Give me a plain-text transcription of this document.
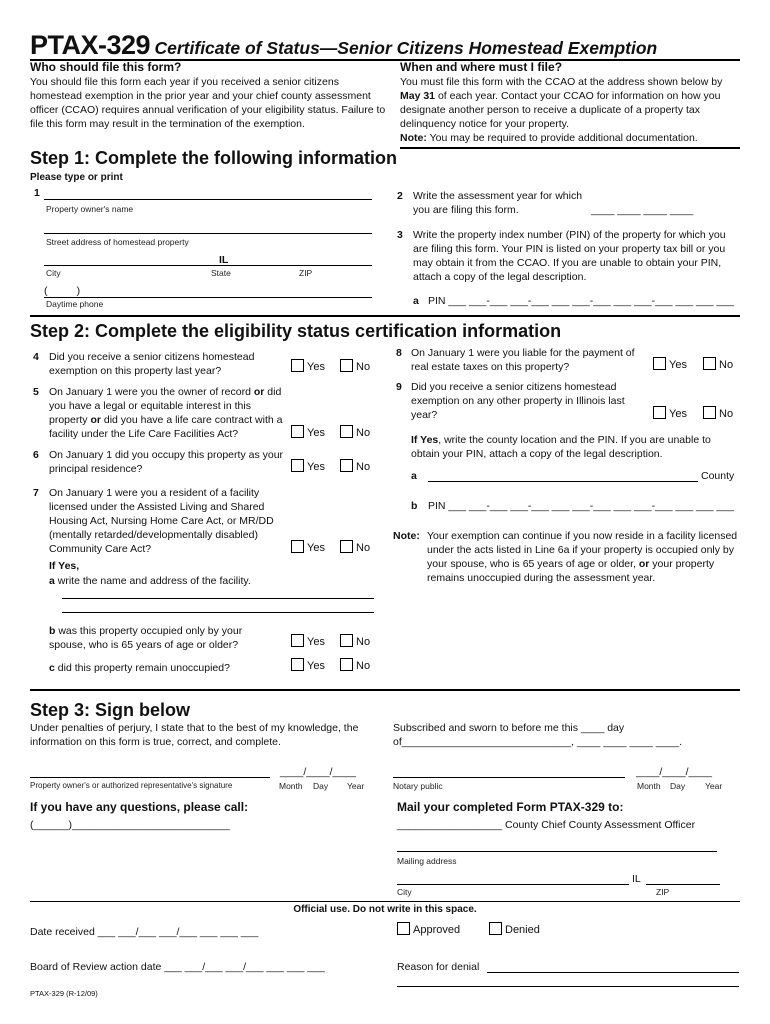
PTAX-329 Certificate of Status—Senior Citizens Homestead Exemption
Who should file this form?
You should file this form each year if you received a senior citizens homestead exemption in the prior year and your chief county assessment officer (CCAO) requires annual verification of your eligibility status. Failure to file this form may result in the termination of the exemption.
When and where must I file?
You must file this form with the CCAO at the address shown below by May 31 of each year. Contact your CCAO for information on how you designate another person to receive a duplicate of a property tax delinquency notice for your property.
Note: You may be required to provide additional documentation.
Step 1: Complete the following information
Please type or print
1
Property owner's name
Street address of homestead property
IL
City	State	ZIP
(          )
Daytime phone
2 Write the assessment year for which you are filing this form.	____ ____ ____ ____
3 Write the property index number (PIN) of the property for which you are filing this form. Your PIN is listed on your property tax bill or you may obtain it from the CCAO. If you are unable to obtain your PIN, attach a copy of the legal description.
a PIN ___ ___-___ ___-___ ___ ___-___ ___ ___-___ ___ ___ ___
Step 2: Complete the eligibility status certification information
4 Did you receive a senior citizens homestead exemption on this property last year?	Yes	No
5 On January 1 were you the owner of record or did you have a legal or equitable interest in this property or did you have a life care contract with a facility under the Life Care Facilities Act?	Yes	No
6 On January 1 did you occupy this property as your principal residence?	Yes	No
7 On January 1 were you a resident of a facility licensed under the Assisted Living and Shared Housing Act, Nursing Home Care Act, or MR/DD (mentally retarded/developmentally disabled) Community Care Act?	Yes	No
If Yes,
a write the name and address of the facility.
b was this property occupied only by your spouse, who is 65 years of age or older?	Yes	No
c did this property remain unoccupied?	Yes	No
8 On January 1 were you liable for the payment of real estate taxes on this property?	Yes	No
9 Did you receive a senior citizens homestead exemption on any other property in Illinois last year?	Yes	No
If Yes, write the county location and the PIN. If you are unable to obtain your PIN, attach a copy of the legal description.
a	County
b PIN ___ ___-___ ___-___ ___ ___-___ ___ ___-___ ___ ___ ___
Note: Your exemption can continue if you now reside in a facility licensed under the acts listed in Line 6a if your property is occupied only by your spouse, who is 65 years of age or older, or your property remains unoccupied during the assessment year.
Step 3: Sign below
Under penalties of perjury, I state that to the best of my knowledge, the information on this form is true, correct, and complete.
Subscribed and sworn to before me this ____ day
of_____________________________, ____ ____ ____ ____.
____/____/____
Property owner's or authorized representative's signature	Month Day Year
____/____/____
Notary public	Month Day Year
If you have any questions, please call:
(______)___________________________
Mail your completed Form PTAX-329 to:
__________________ County Chief County Assessment Officer
Mailing address
IL
City	ZIP
Official use. Do not write in this space.
Date received ___ ___/___ ___/___ ___ ___ ___	Approved	Denied
Board of Review action date ___ ___/___ ___/___ ___ ___ ___	Reason for denial
PTAX-329 (R-12/09)
